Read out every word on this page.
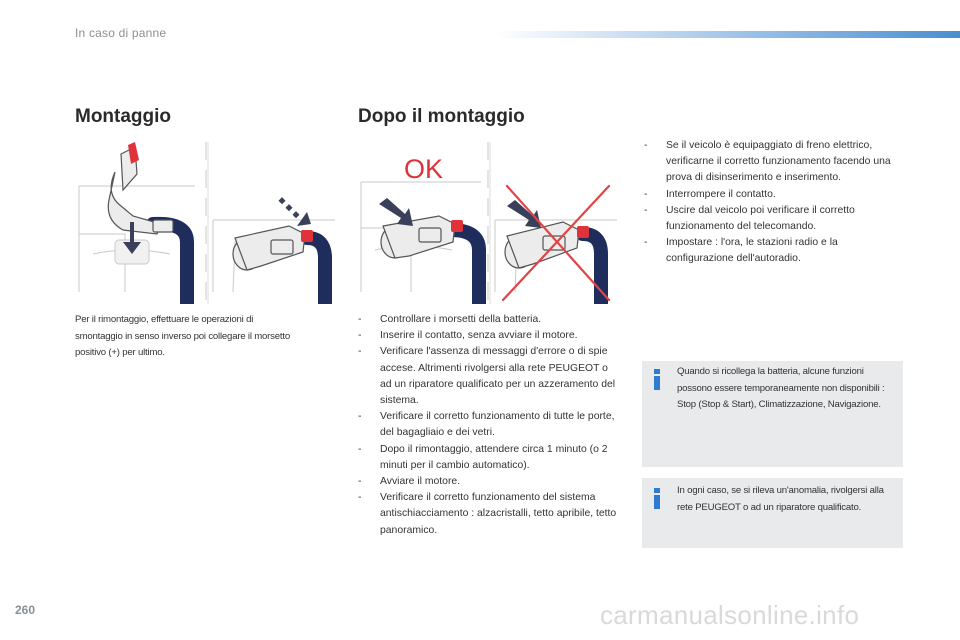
In caso di panne
Montaggio
Per il rimontaggio, effettuare le operazioni di smontaggio in senso inverso poi collegare il morsetto positivo (+) per ultimo.
Dopo il montaggio
OK
- Controllare i morsetti della batteria.
- Inserire il contatto, senza avviare il motore.
- Verificare l'assenza di messaggi d'errore o di spie accese. Altrimenti rivolgersi alla rete PEUGEOT o ad un riparatore qualificato per un azzeramento del sistema.
- Verificare il corretto funzionamento di tutte le porte, del bagagliaio e dei vetri.
- Dopo il rimontaggio, attendere circa 1 minuto (o 2 minuti per il cambio automatico).
- Avviare il motore.
- Verificare il corretto funzionamento del sistema antischiacciamento : alzacristalli, tetto apribile, tetto panoramico.
- Se il veicolo è equipaggiato di freno elettrico, verificarne il corretto funzionamento facendo una prova di disinserimento e inserimento.
- Interrompere il contatto.
- Uscire dal veicolo poi verificare il corretto funzionamento del telecomando.
- Impostare : l'ora, le stazioni radio e la configurazione dell'autoradio.
Quando si ricollega la batteria, alcune funzioni possono essere temporaneamente non disponibili : Stop (Stop & Start), Climatizzazione, Navigazione.
In ogni caso, se si rileva un'anomalia, rivolgersi alla rete PEUGEOT o ad un riparatore qualificato.
260	carmanualsonline.info
